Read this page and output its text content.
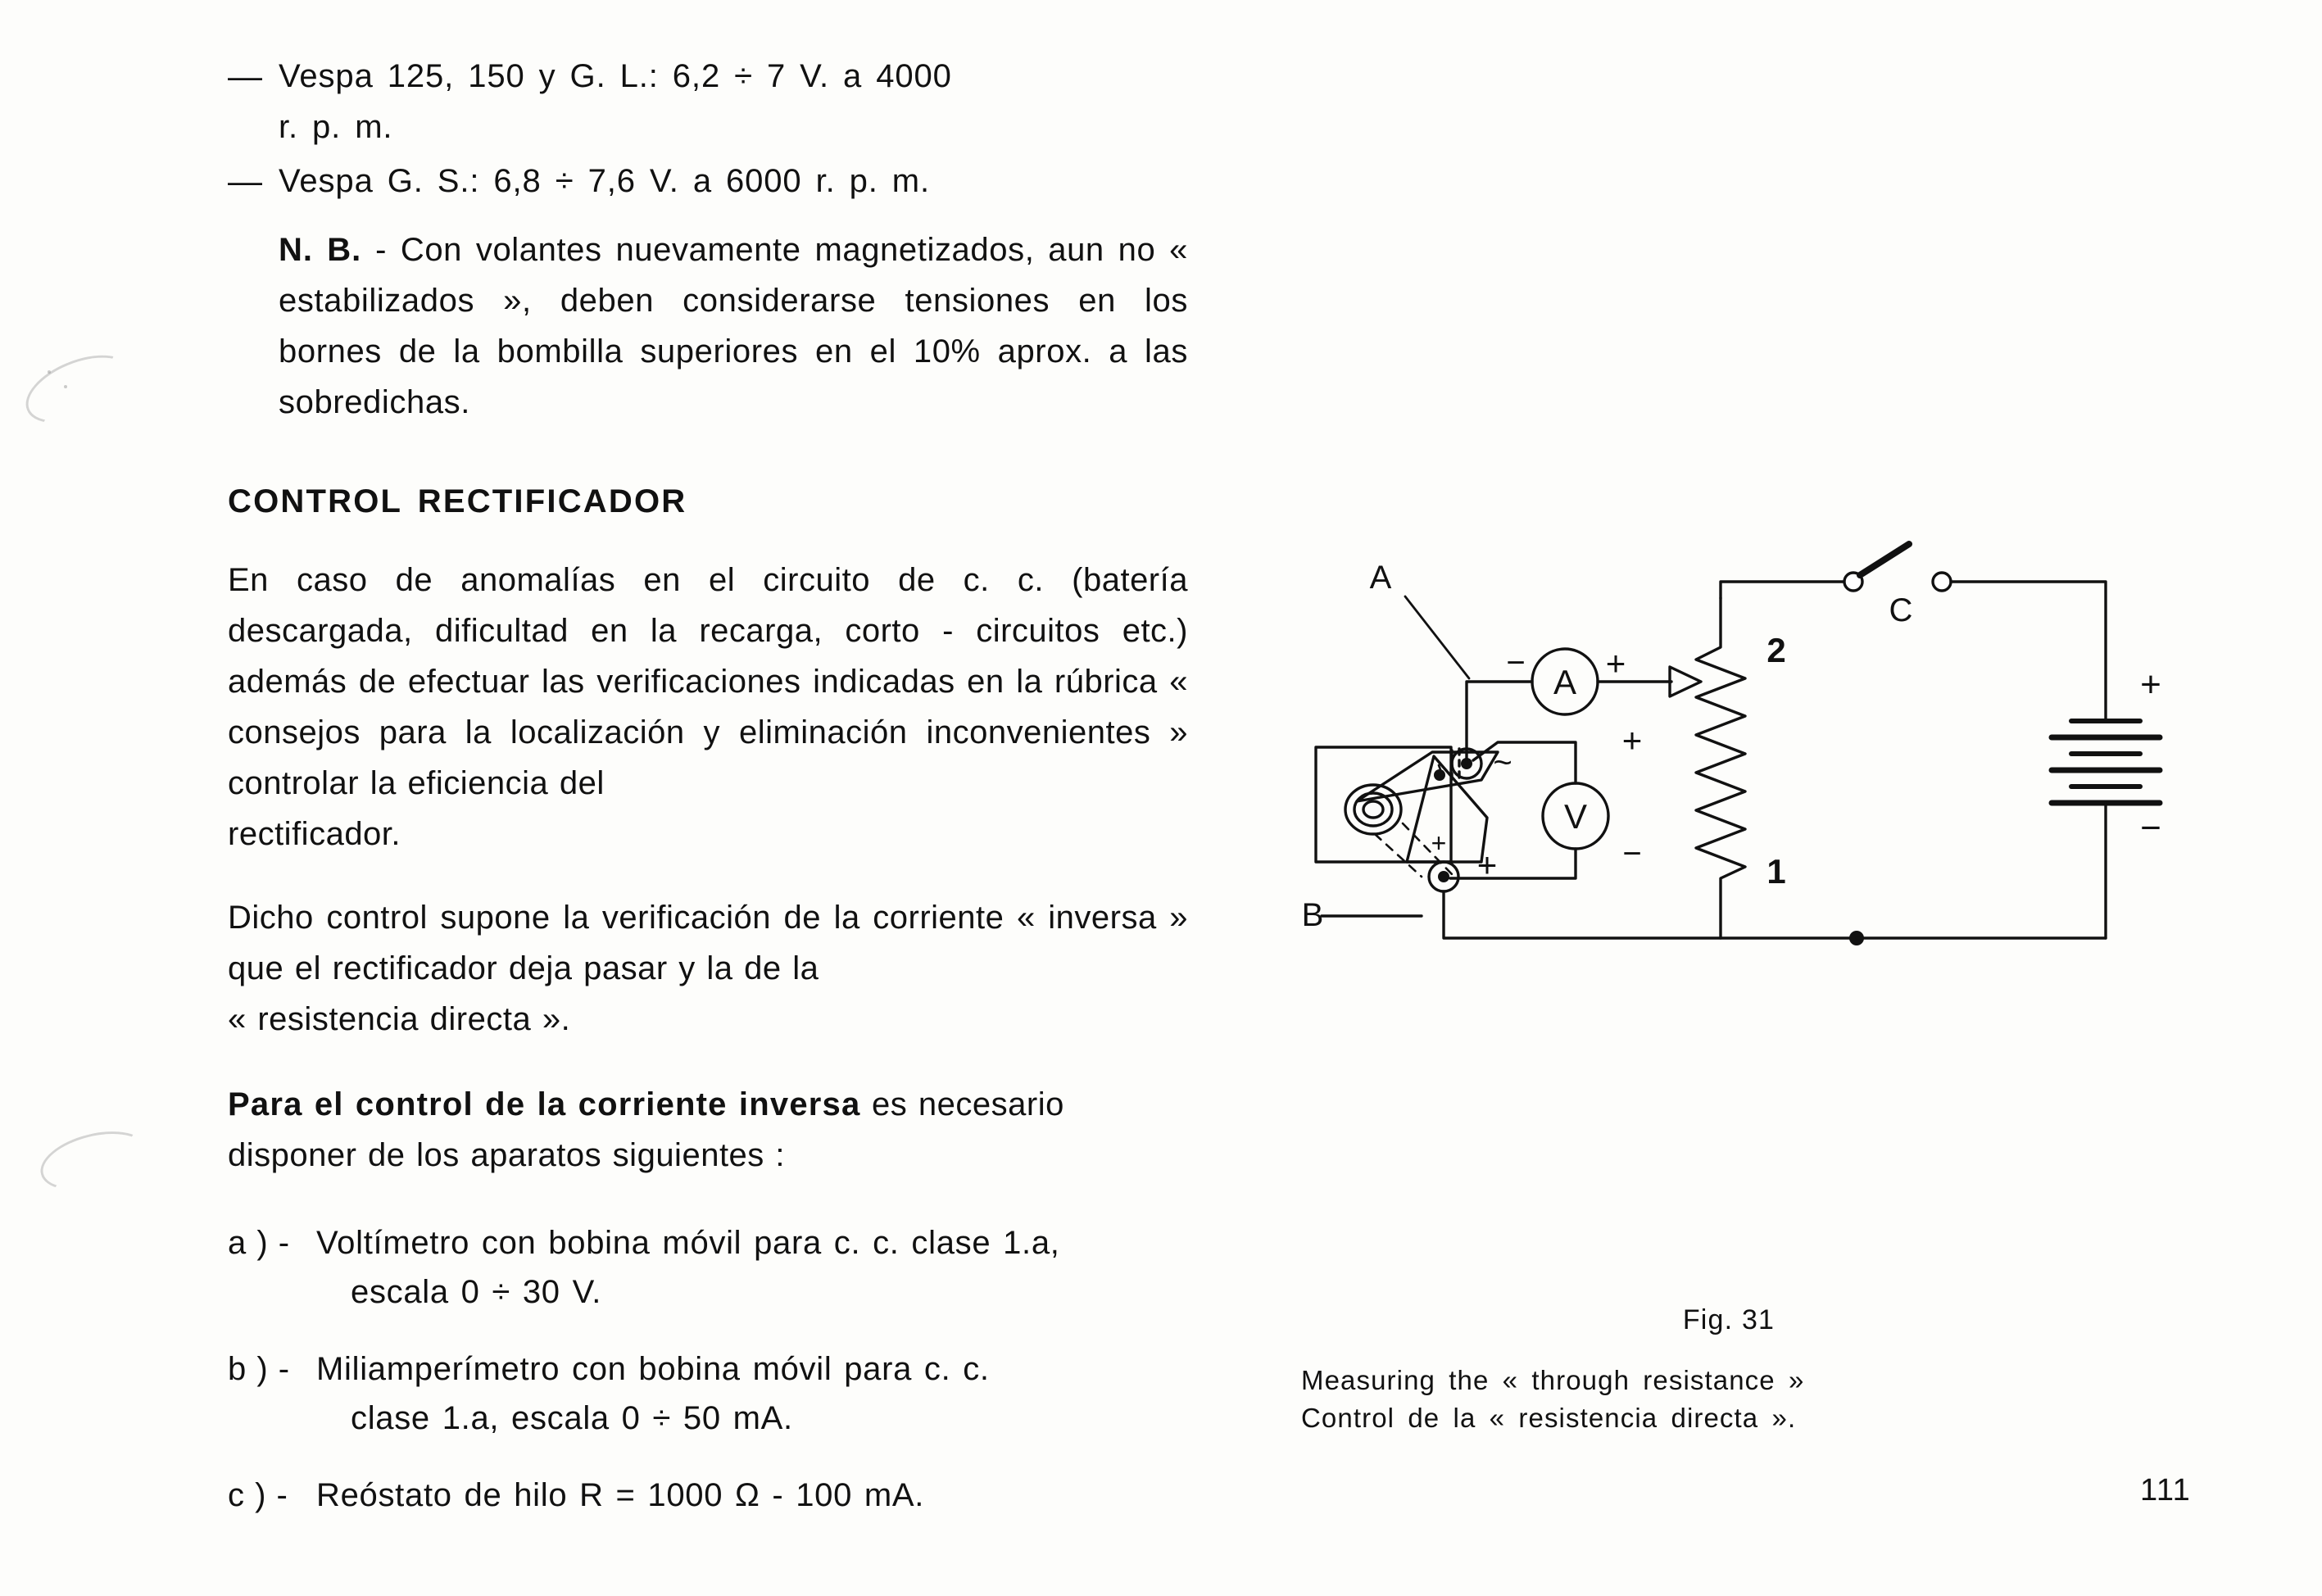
— Vespa 125, 150 y G. L.: 6,2 ÷ 7 V. a 4000
r. p. m.
— Vespa G. S.: 6,8 ÷ 7,6 V. a 6000 r. p. m.

N. B. - Con volantes nuevamente magnetizados, aun no « estabilizados », deben considerarse tensiones en los bornes de la bombilla superiores en el 10% aprox. a las sobredichas.

CONTROL RECTIFICADOR

En caso de anomalías en el circuito de c. c. (batería descargada, dificultad en la recarga, corto - circuitos etc.) además de efectuar las verificaciones indicadas en la rúbrica « consejos para la localización y eliminación inconvenientes » controlar la eficiencia del
rectificador.

Dicho control supone la verificación de la corriente « inversa » que el rectificador deja pasar y la de la
« resistencia directa ».

Para el control de la corriente inversa es necesario
disponer de los aparatos siguientes :

a ) - Voltímetro con bobina móvil para c. c. clase 1.a,
escala 0 ÷ 30 V.
b ) - Miliamperímetro con bobina móvil para c. c.
clase 1.a, escala 0 ÷ 50 mA.
c ) - Reóstato de hilo R = 1000 Ω - 100 mA.
A
B
C
A
V
− +
+
−
~
+
+
2
1
+
−
Fig. 31
Measuring the « through resistance »
Control de la « resistencia directa ».
111
